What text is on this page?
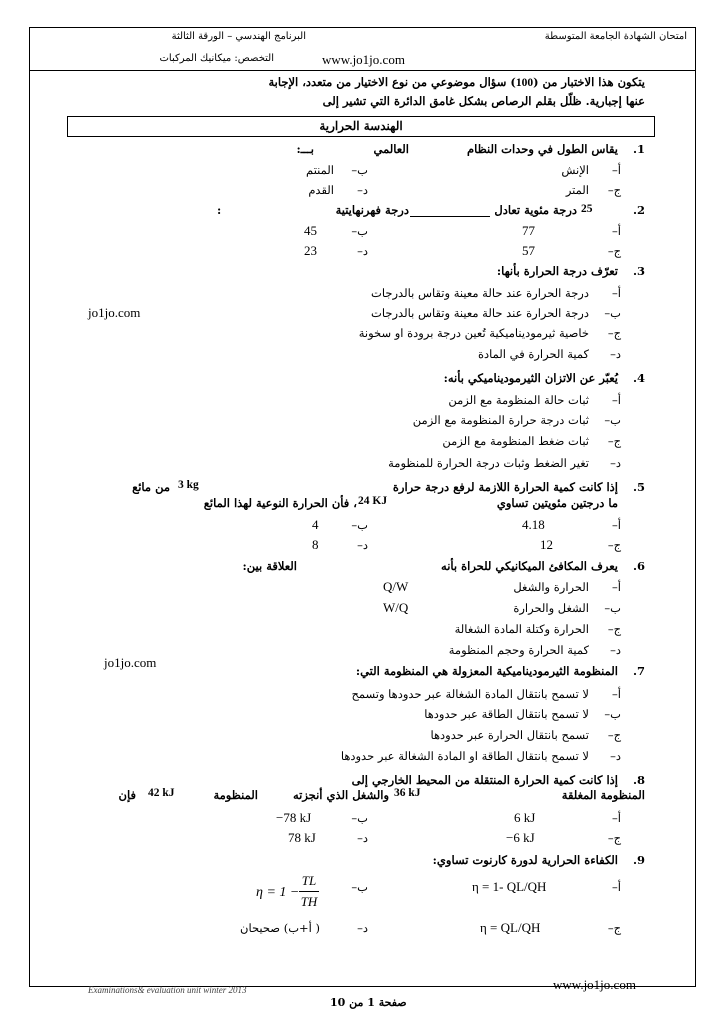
امتحان الشهادة الجامعة المتوسطة
البرنامج الهندسي – الورقة الثالثة
التخصص: ميكانيك المركبات	www.jo1jo.com
يتكون هذا الاختبار من (100) سؤال موضوعي من نوع الاختيار من متعدد، الإجابة
عنها إجبارية. ظلّل بقلم الرصاص بشكل غامق الدائرة التي تشير إلى
الهندسة الحرارية
1.
يقاس الطول في وحدات النظام
العالمي
بـــ:
أ–
الإنش
ب–
المنتم
ج–
المتر
د–
القدم
2.
25
درجة مئوية تعادل
درجة فهرنهايتية
:
أ–
77
ب–
45
ج–
57
د–
23
3.
تعرّف درجة الحرارة بأنها:
أ–
درجة الحرارة عند حالة معينة وتقاس بالدرجات
ب–
درجة الحرارة عند حالة معينة وتقاس بالدرجات
jo1jo.com
ج–
خاصية ثيرموديناميكية تُعين درجة برودة او سخونة
د–
كمية الحرارة في المادة
4.
يُعبّر عن الاتزان الثيرموديناميكي بأنه:
أ–
ثبات حالة المنظومة مع الزمن
ب–
ثبات درجة حرارة المنظومة مع الزمن
ج–
ثبات ضغط المنظومة مع الزمن
د–
تغير الضغط وثبات درجة الحرارة للمنظومة
5.
إذا كانت كمية الحرارة اللازمة لرفع درجة حرارة
3 kg
من مائع
ما درجتين مئويتين تساوي
24 KJ
، فأن الحرارة النوعية لهذا المائع
أ–
4.18
ب–
4
ج–
12
د–
8
6.
يعرف المكافئ الميكانيكي للحراة بأنه
العلاقة بين:
أ–
الحرارة والشغل
Q/W
ب–
الشغل والحرارة
W/Q
ج–
الحرارة وكتلة المادة الشغالة
د–
كمية الحرارة وحجم المنظومة
jo1jo.com
7.
المنظومة الثيرموديناميكية المعزولة هي المنظومة التي:
أ–
لا تسمح بانتقال المادة الشغالة عبر حدودها وتسمح
ب–
لا تسمح بانتقال الطاقة عبر حدودها
ج–
تسمح بانتقال الحرارة عبر حدودها
د–
لا تسمح بانتقال الطاقة او المادة الشغالة عبر حدودها
8.
إذا كانت كمية الحرارة المنتقلة من المحيط الخارجي إلى
المنظومة المغلقة
36 kJ
والشغل الذي أنجزته
المنظومة
42 kJ
فإن
أ–
6 kJ
ب–
−78 kJ
ج–
−6 kJ
د–
78 kJ
9.
الكفاءة الحرارية لدورة كارنوت تساوي:
أ–
η = 1- QL/QH
ب–
η = 1 −
TL
TH
ج–
η = QL/QH
د–
( أ+ب) صحيحان
www.jo1jo.com
Examinations& evaluation unit winter 2013
صفحة 1 من 10
